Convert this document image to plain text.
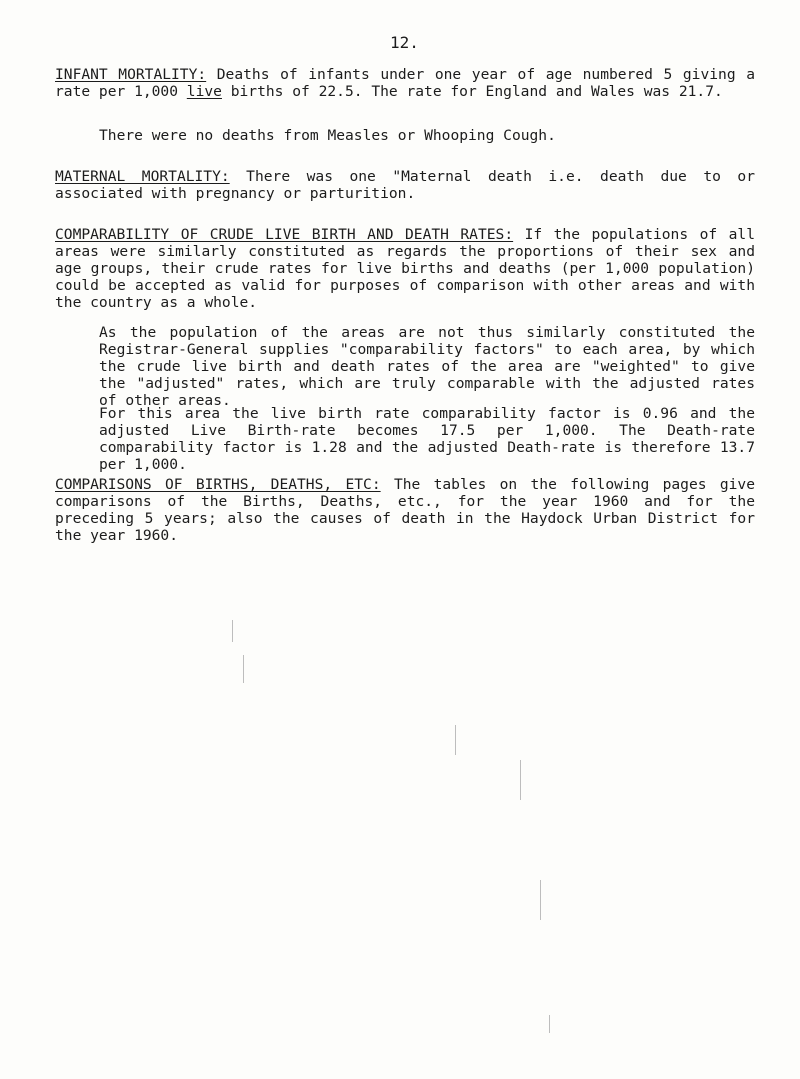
12.

INFANT MORTALITY: Deaths of infants under one year of age numbered 5 giving a rate per 1,000 live births of 22.5. The rate for England and Wales was 21.7.

There were no deaths from Measles or Whooping Cough.

MATERNAL MORTALITY: There was one "Maternal death i.e. death due to or associated with pregnancy or parturition.

COMPARABILITY OF CRUDE LIVE BIRTH AND DEATH RATES: If the populations of all areas were similarly constituted as regards the proportions of their sex and age groups, their crude rates for live births and deaths (per 1,000 population) could be accepted as valid for purposes of comparison with other areas and with the country as a whole.

As the population of the areas are not thus similarly constituted the Registrar-General supplies "comparability factors" to each area, by which the crude live birth and death rates of the area are "weighted" to give the "adjusted" rates, which are truly comparable with the adjusted rates of other areas.

For this area the live birth rate comparability factor is 0.96 and the adjusted Live Birth-rate becomes 17.5 per 1,000. The Death-rate comparability factor is 1.28 and the adjusted Death-rate is therefore 13.7 per 1,000.

COMPARISONS OF BIRTHS, DEATHS, ETC: The tables on the following pages give comparisons of the Births, Deaths, etc., for the year 1960 and for the preceding 5 years; also the causes of death in the Haydock Urban District for the year 1960.
